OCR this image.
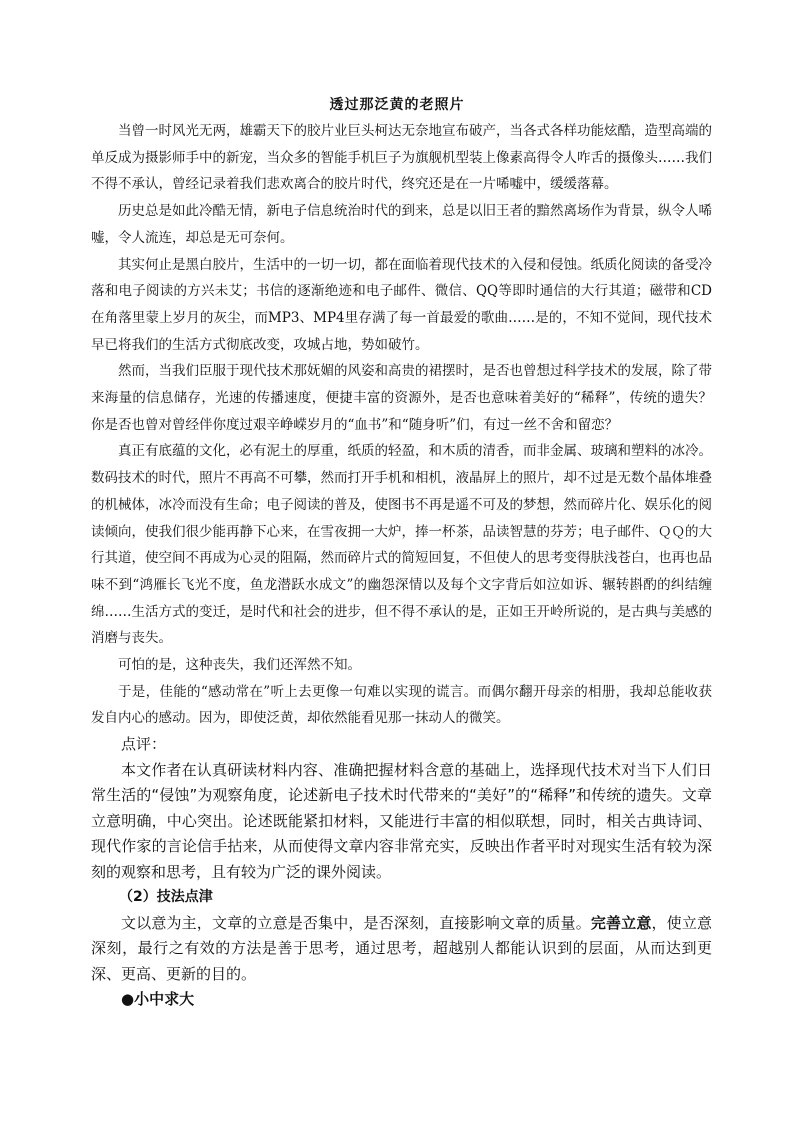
透过那泛黄的老照片

当曾一时风光无两，雄霸天下的胶片业巨头柯达无奈地宣布破产，当各式各样功能炫酷，造型高端的单反成为摄影师手中的新宠，当众多的智能手机巨子为旗舰机型装上像素高得令人咋舌的摄像头……我们不得不承认，曾经记录着我们悲欢离合的胶片时代，终究还是在一片唏嘘中，缓缓落幕。

历史总是如此冷酷无情，新电子信息统治时代的到来，总是以旧王者的黯然离场作为背景，纵令人唏嘘，令人流连，却总是无可奈何。

其实何止是黑白胶片，生活中的一切一切，都在面临着现代技术的入侵和侵蚀。纸质化阅读的备受冷落和电子阅读的方兴未艾；书信的逐渐绝迹和电子邮件、微信、QQ等即时通信的大行其道；磁带和CD在角落里蒙上岁月的灰尘，而MP3、MP4里存满了每一首最爱的歌曲……是的，不知不觉间，现代技术早已将我们的生活方式彻底改变，攻城占地，势如破竹。

然而，当我们臣服于现代技术那妩媚的风姿和高贵的裙摆时，是否也曾想过科学技术的发展，除了带来海量的信息储存，光速的传播速度，便捷丰富的资源外，是否也意味着美好的“稀释”，传统的遗失？你是否也曾对曾经伴你度过艰辛峥嵘岁月的“血书”和“随身听”们，有过一丝不舍和留恋？

真正有底蕴的文化，必有泥土的厚重，纸质的轻盈，和木质的清香，而非金属、玻璃和塑料的冰冷。数码技术的时代，照片不再高不可攀，然而打开手机和相机，液晶屏上的照片，却不过是无数个晶体堆叠的机械体，冰冷而没有生命；电子阅读的普及，使图书不再是遥不可及的梦想，然而碎片化、娱乐化的阅读倾向，使我们很少能再静下心来，在雪夜拥一大炉，捧一杯茶，品读智慧的芬芳；电子邮件、ＱＱ的大行其道，使空间不再成为心灵的阻隔，然而碎片式的简短回复，不但使人的思考变得肤浅苍白，也再也品味不到“鸿雁长飞光不度，鱼龙潜跃水成文”的幽怨深情以及每个文字背后如泣如诉、辗转斟酌的纠结缠绵……生活方式的变迁，是时代和社会的进步，但不得不承认的是，正如王开岭所说的，是古典与美感的消磨与丧失。

可怕的是，这种丧失，我们还浑然不知。

于是，佳能的“感动常在”听上去更像一句难以实现的谎言。而偶尔翻开母亲的相册，我却总能收获发自内心的感动。因为，即使泛黄，却依然能看见那一抹动人的微笑。

点评：

本文作者在认真研读材料内容、准确把握材料含意的基础上，选择现代技术对当下人们日常生活的“侵蚀”为观察角度，论述新电子技术时代带来的“美好”的“稀释”和传统的遗失。文章立意明确，中心突出。论述既能紧扣材料，又能进行丰富的相似联想，同时，相关古典诗词、现代作家的言论信手拈来，从而使得文章内容非常充实，反映出作者平时对现实生活有较为深刻的观察和思考，且有较为广泛的课外阅读。

（2）技法点津

文以意为主，文章的立意是否集中，是否深刻，直接影响文章的质量。完善立意，使立意深刻，最行之有效的方法是善于思考，通过思考，超越别人都能认识到的层面，从而达到更深、更高、更新的目的。

●小中求大
